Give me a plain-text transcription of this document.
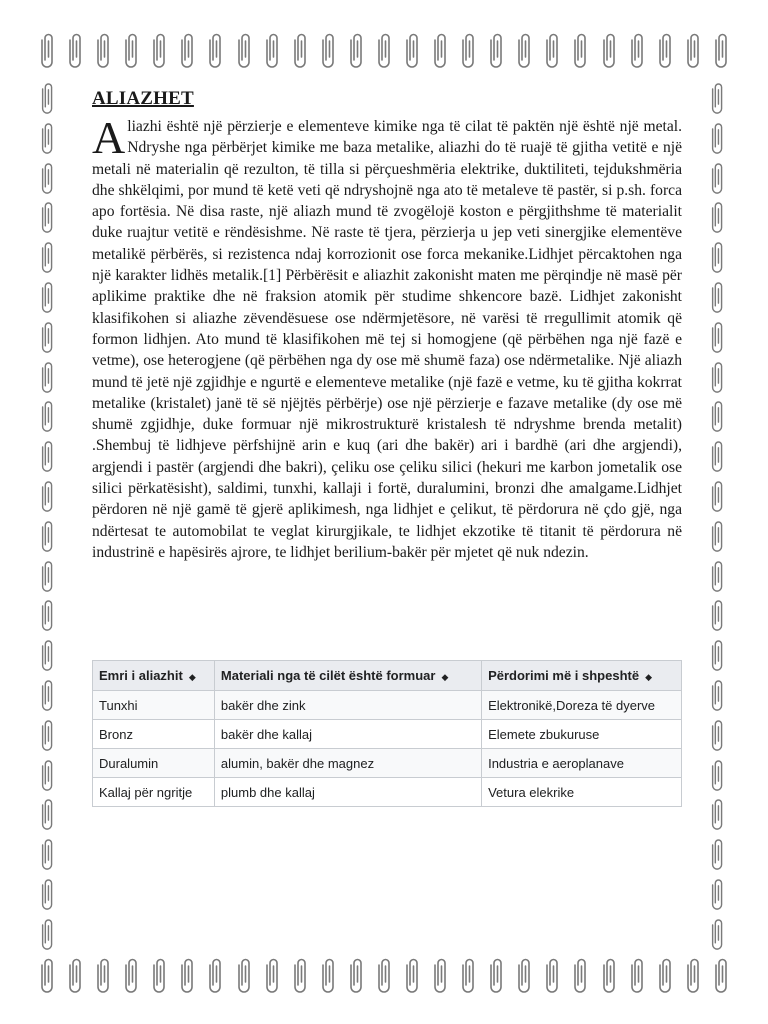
ALIAZHET

Aliazhi është një përzierje e elementeve kimike nga të cilat të paktën një është një metal. Ndryshe nga përbërjet kimike me baza metalike, aliazhi do të ruajë të gjitha vetitë e një metali në materialin që rezulton, të tilla si përçueshmëria elektrike, duktiliteti, tejdukshmëria dhe shkëlqimi, por mund të ketë veti që ndryshojnë nga ato të metaleve të pastër, si p.sh. forca apo fortësia. Në disa raste, një aliazh mund të zvogëlojë koston e përgjithshme të materialit duke ruajtur vetitë e rëndësishme. Në raste të tjera, përzierja u jep veti sinergjike elementëve metalikë përbërës, si rezistenca ndaj korrozionit ose forca mekanike.Lidhjet përcaktohen nga një karakter lidhës metalik.[1] Përbërësit e aliazhit zakonisht maten me përqindje në masë për aplikime praktike dhe në fraksion atomik për studime shkencore bazë. Lidhjet zakonisht klasifikohen si aliazhe zëvendësuese ose ndërmjetësore, në varësi të rregullimit atomik që formon lidhjen. Ato mund të klasifikohen më tej si homogjene (që përbëhen nga një fazë e vetme), ose heterogjene (që përbëhen nga dy ose më shumë faza) ose ndërmetalike. Një aliazh mund të jetë një zgjidhje e ngurtë e elementeve metalike (një fazë e vetme, ku të gjitha kokrrat metalike (kristalet) janë të së njëjtës përbërje) ose një përzierje e fazave metalike (dy ose më shumë zgjidhje, duke formuar një mikrostrukturë kristalesh të ndryshme brenda metalit) .Shembuj të lidhjeve përfshijnë arin e kuq (ari dhe bakër) ari i bardhë (ari dhe argjendi), argjendi i pastër (argjendi dhe bakri), çeliku ose çeliku silici (hekuri me karbon jometalik ose silici përkatësisht), saldimi, tunxhi, kallaji i fortë, duralumini, bronzi dhe amalgame.Lidhjet përdoren në një gamë të gjerë aplikimesh, nga lidhjet e çelikut, të përdorura në çdo gjë, nga ndërtesat te automobilat te veglat kirurgjikale, te lidhjet ekzotike të titanit të përdorura në industrinë e hapësirës ajrore, te lidhjet berilium-bakër për mjetet që nuk ndezin.

Emri i aliazhit ◆	Materiali nga të cilët është formuar ◆	Përdorimi më i shpeshtë ◆
Tunxhi	bakër dhe zink	Elektronikë,Doreza të dyerve
Bronz	bakër dhe kallaj	Elemete zbukuruse
Duralumin	alumin, bakër dhe magnez	Industria e aeroplanave
Kallaj për ngritje	plumb dhe kallaj	Vetura elekrike
